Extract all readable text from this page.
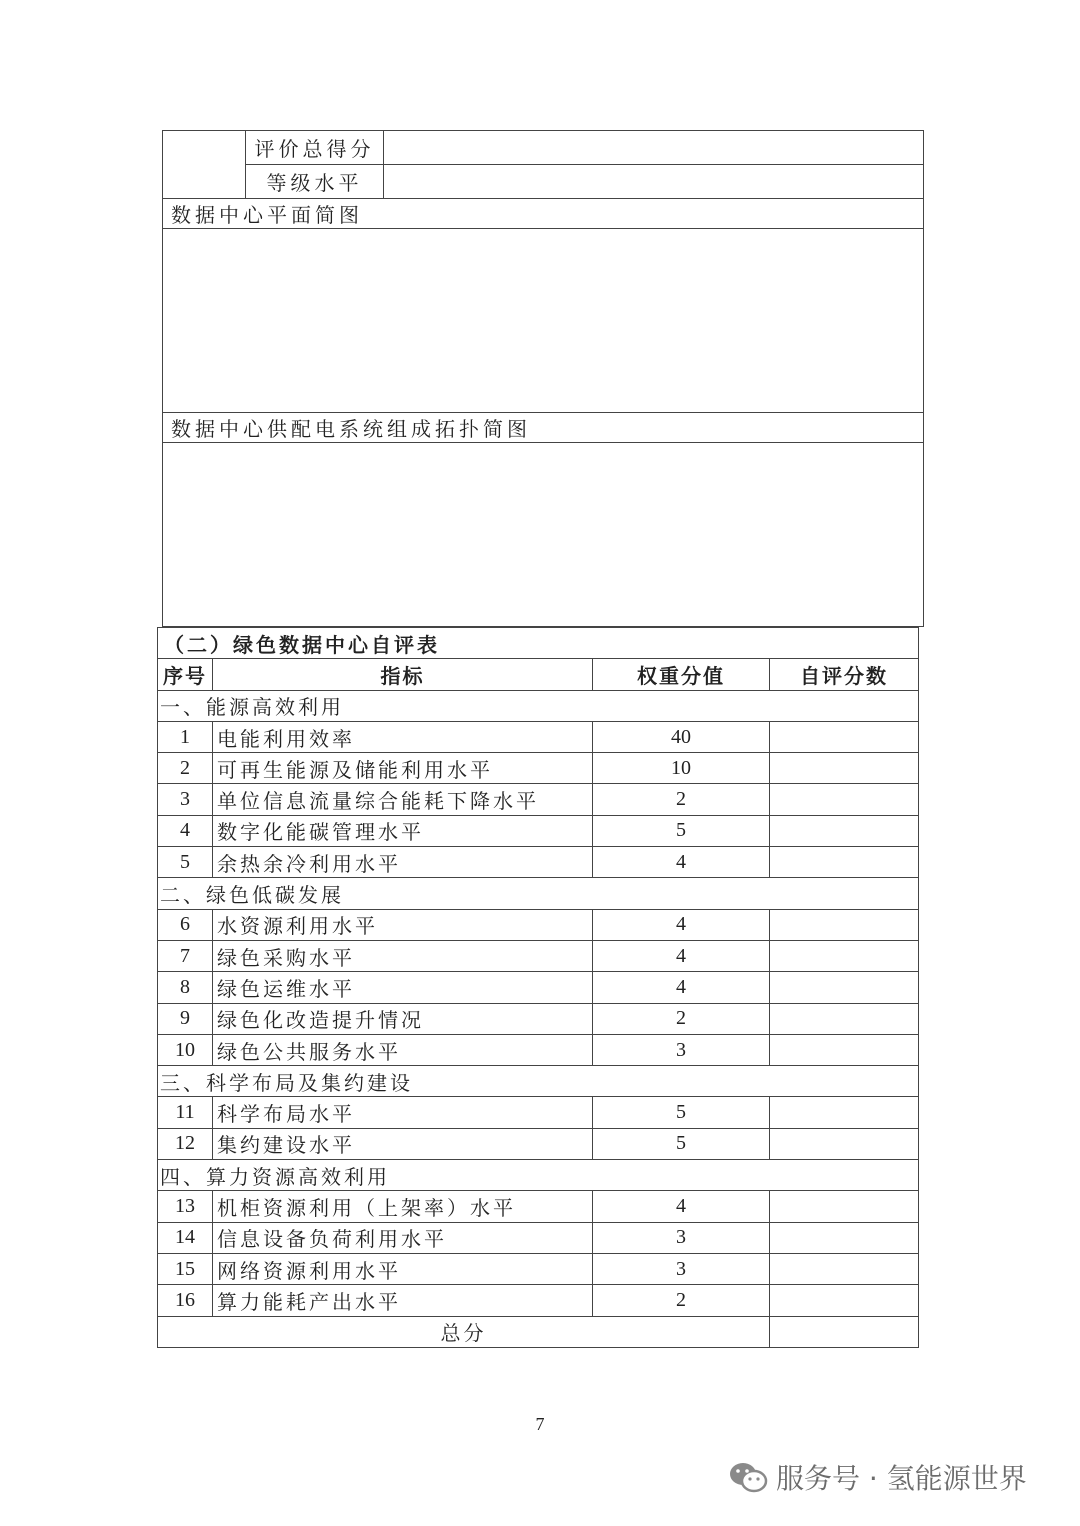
	评价总得分	
	等级水平	
数据中心平面简图		

数据中心供配电系统组成拓扑简图		

（二）绿色数据中心自评表			
序号	指标	权重分值	自评分数
一、能源高效利用			
1	电能利用效率	40	
2	可再生能源及储能利用水平	10	
3	单位信息流量综合能耗下降水平	2	
4	数字化能碳管理水平	5	
5	余热余冷利用水平	4	
二、绿色低碳发展			
6	水资源利用水平	4	
7	绿色采购水平	4	
8	绿色运维水平	4	
9	绿色化改造提升情况	2	
10	绿色公共服务水平	3	
三、科学布局及集约建设			
11	科学布局水平	5	
12	集约建设水平	5	
四、算力资源高效利用			
13	机柜资源利用（上架率）水平	4	
14	信息设备负荷利用水平	3	
15	网络资源利用水平	3	
16	算力能耗产出水平	2	
总分			
7
服务号 · 氢能源世界
